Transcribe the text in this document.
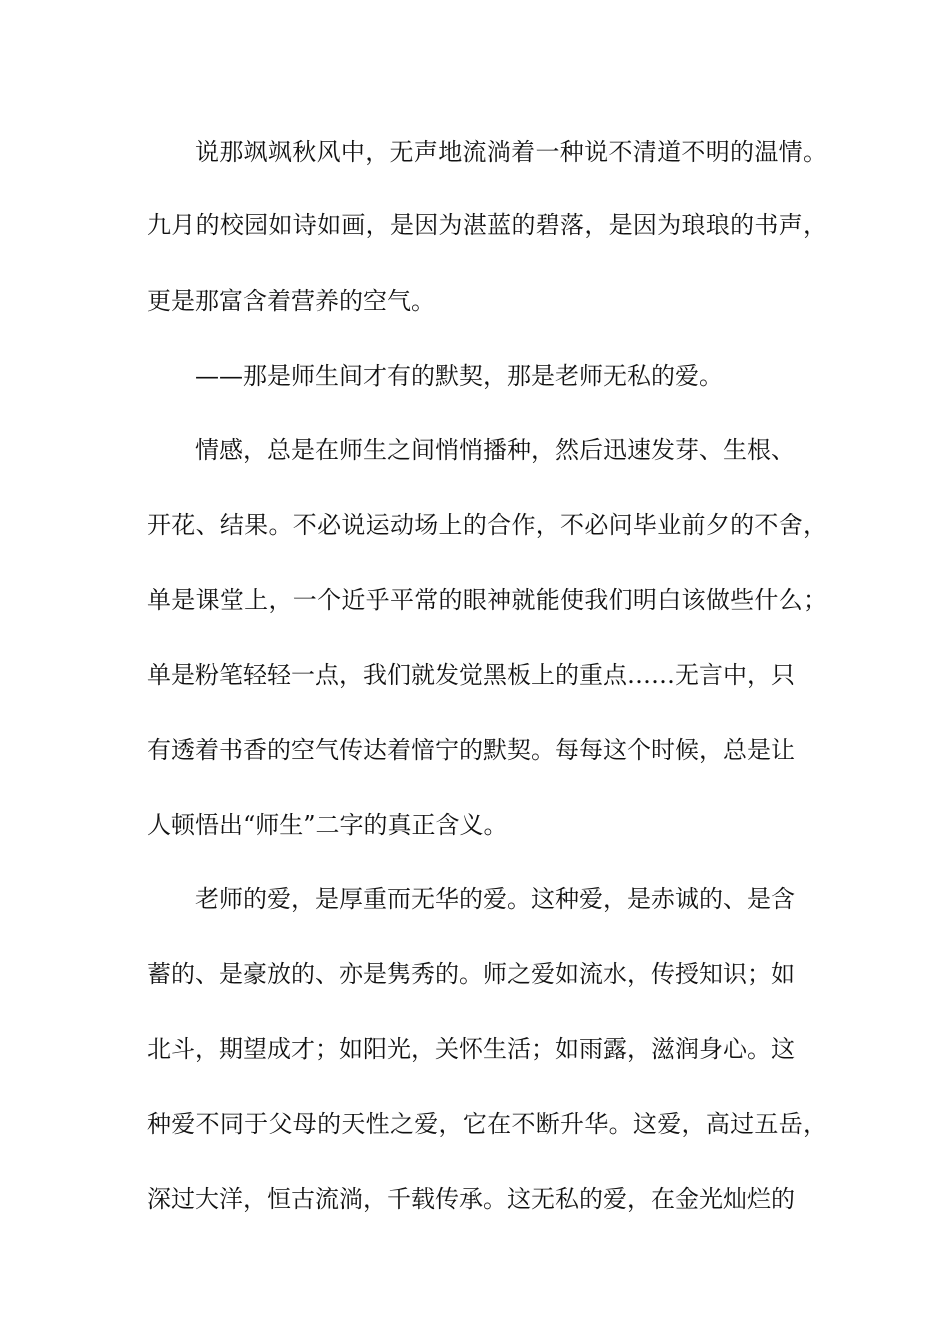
说那飒飒秋风中，无声地流淌着一种说不清道不明的温情。
九月的校园如诗如画，是因为湛蓝的碧落，是因为琅琅的书声，
更是那富含着营养的空气。
——那是师生间才有的默契，那是老师无私的爱。
情感，总是在师生之间悄悄播种，然后迅速发芽、生根、
开花、结果。不必说运动场上的合作，不必问毕业前夕的不舍，
单是课堂上，一个近乎平常的眼神就能使我们明白该做些什么；
单是粉笔轻轻一点，我们就发觉黑板上的重点……无言中，只
有透着书香的空气传达着愔宁的默契。每每这个时候，总是让
人顿悟出“师生”二字的真正含义。
老师的爱，是厚重而无华的爱。这种爱，是赤诚的、是含
蓄的、是豪放的、亦是隽秀的。师之爱如流水，传授知识；如
北斗，期望成才；如阳光，关怀生活；如雨露，滋润身心。这
种爱不同于父母的天性之爱，它在不断升华。这爱，高过五岳，
深过大洋，恒古流淌，千载传承。这无私的爱，在金光灿烂的
